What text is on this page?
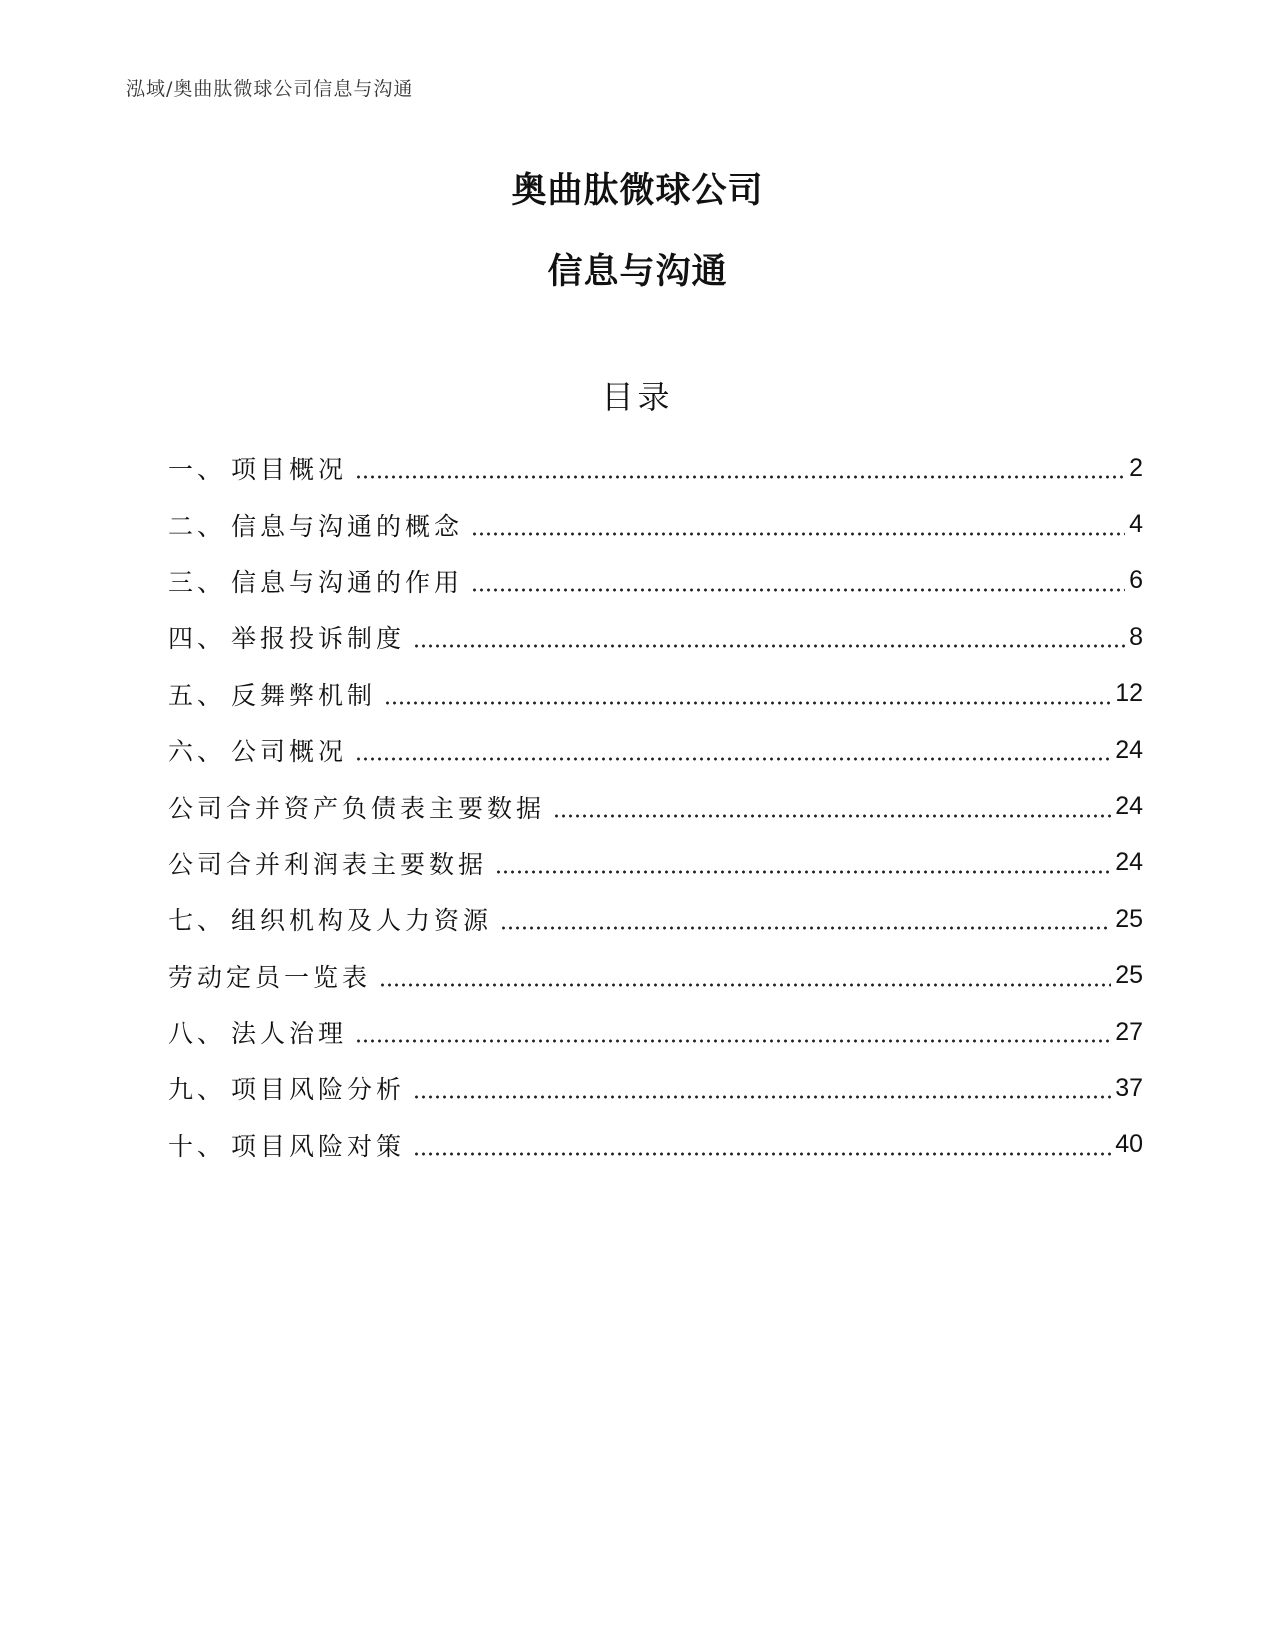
泓域/奥曲肽微球公司信息与沟通
奥曲肽微球公司
信息与沟通
目录
一、 项目概况	2
二、 信息与沟通的概念	4
三、 信息与沟通的作用	6
四、 举报投诉制度	8
五、 反舞弊机制	12
六、 公司概况	24
公司合并资产负债表主要数据	24
公司合并利润表主要数据	24
七、 组织机构及人力资源	25
劳动定员一览表	25
八、 法人治理	27
九、 项目风险分析	37
十、 项目风险对策	40
